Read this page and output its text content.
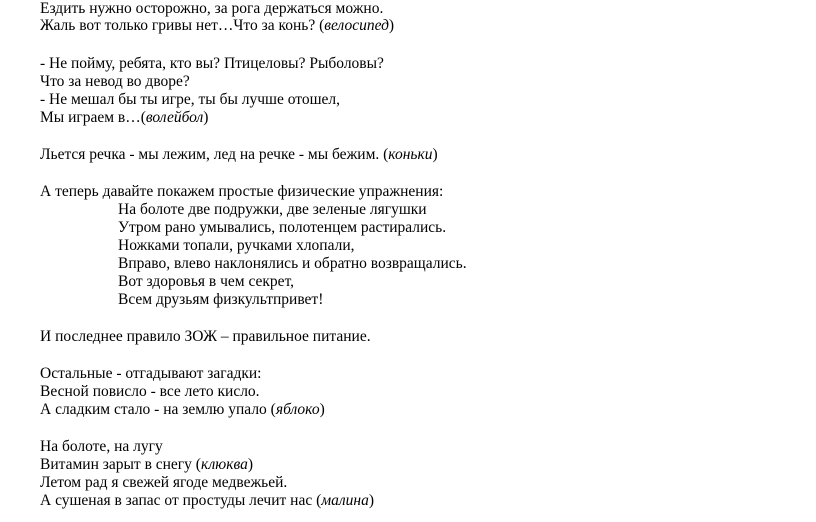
Ездить нужно осторожно, за рога держаться можно.
Жаль вот только гривы нет…Что за конь? (велосипед)
- Не пойму, ребята, кто вы? Птицеловы? Рыболовы?
Что за невод во дворе?
- Не мешал бы ты игре, ты бы лучше отошел,
Мы играем в…(волейбол)
Льется речка - мы лежим, лед на речке - мы бежим. (коньки)
А теперь давайте покажем простые физические упражнения:
На болоте две подружки, две зеленые лягушки
Утром рано умывались, полотенцем растирались.
Ножками топали, ручками хлопали,
Вправо, влево наклонялись и обратно возвращались.
Вот здоровья в чем секрет,
Всем друзьям физкультпривет!
И последнее правило ЗОЖ – правильное питание.
Остальные - отгадывают загадки:
Весной повисло - все лето кисло.
А сладким стало - на землю упало (яблоко)
На болоте, на лугу
Витамин зарыт в снегу (клюква)
Летом рад я свежей ягоде медвежьей.
А сушеная в запас от простуды лечит нас (малина)
